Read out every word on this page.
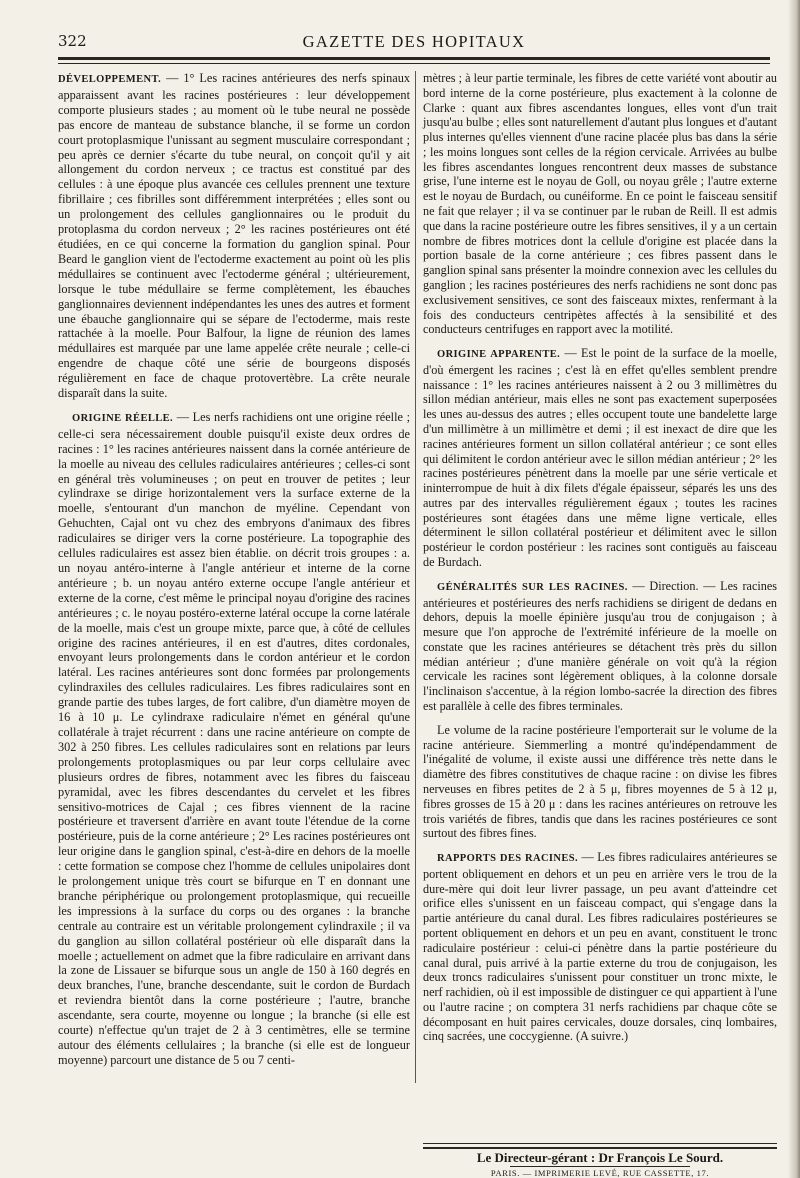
322	GAZETTE DES HOPITAUX

DÉVELOPPEMENT. — 1° Les racines antérieures des nerfs spinaux apparaissent avant les racines postérieures : leur développement comporte plusieurs stades ; au moment où le tube neural ne possède pas encore de manteau de substance blanche, il se forme un cordon court protoplasmique l'unissant au segment musculaire correspondant ; peu après ce dernier s'écarte du tube neural, on conçoit qu'il y ait allongement du cordon nerveux ; ce tractus est constitué par des cellules : à une époque plus avancée ces cellules prennent une texture fibrillaire ; ces fibrilles sont différemment interprétées ; elles sont ou un prolongement des cellules ganglionnaires ou le produit du protoplasma du cordon nerveux ; 2° les racines postérieures ont été étudiées, en ce qui concerne la formation du ganglion spinal. Pour Beard le ganglion vient de l'ectoderme exactement au point où les plis médullaires se continuent avec l'ectoderme général ; ultérieurement, lorsque le tube médullaire se ferme complètement, les ébauches ganglionnaires deviennent indépendantes les unes des autres et forment une ébauche ganglionnaire qui se sépare de l'ectoderme, mais reste rattachée à la moelle. Pour Balfour, la ligne de réunion des lames médullaires est marquée par une lame appelée crête neurale ; celle-ci engendre de chaque côté une série de bourgeons disposés régulièrement en face de chaque protovertèbre. La crête neurale disparaît dans la suite.

ORIGINE RÉELLE. — Les nerfs rachidiens ont une origine réelle ; celle-ci sera nécessairement double puisqu'il existe deux ordres de racines : 1° les racines antérieures naissent dans la cornée antérieure de la moelle au niveau des cellules radiculaires antérieures ; celles-ci sont en général très volumineuses ; on peut en trouver de petites ; leur cylindraxe se dirige horizontalement vers la surface externe de la moelle, s'entourant d'un manchon de myéline. Cependant von Gehuchten, Cajal ont vu chez des embryons d'animaux des fibres radiculaires se diriger vers la corne postérieure. La topographie des cellules radiculaires est assez bien établie. on décrit trois groupes : a. un noyau antéro-interne à l'angle antérieur et interne de la corne antérieure ; b. un noyau antéro externe occupe l'angle antérieur et externe de la corne, c'est même le principal noyau d'origine des racines antérieures ; c. le noyau postéro-externe latéral occupe la corne latérale de la moelle, mais c'est un groupe mixte, parce que, à côté de cellules origine des racines antérieures, il en est d'autres, dites cordonales, envoyant leurs prolongements dans le cordon antérieur et le cordon latéral. Les racines antérieures sont donc formées par prolongements cylindraxiles des cellules radiculaires. Les fibres radiculaires sont en grande partie des tubes larges, de fort calibre, d'un diamètre moyen de 16 à 10 μ. Le cylindraxe radiculaire n'émet en général qu'une collatérale à trajet récurrent : dans une racine antérieure on compte de 302 à 250 fibres. Les cellules radiculaires sont en relations par leurs prolongements protoplasmiques ou par leur corps cellulaire avec plusieurs ordres de fibres, notamment avec les fibres du faisceau pyramidal, avec les fibres descendantes du cervelet et les fibres sensitivo-motrices de Cajal ; ces fibres viennent de la racine postérieure et traversent d'arrière en avant toute l'étendue de la corne postérieure, puis de la corne antérieure ; 2° Les racines postérieures ont leur origine dans le ganglion spinal, c'est-à-dire en dehors de la moelle : cette formation se compose chez l'homme de cellules unipolaires dont le prolongement unique très court se bifurque en T en donnant une branche périphérique ou prolongement protoplasmique, qui recueille les impressions à la surface du corps ou des organes : la branche centrale au contraire est un véritable prolongement cylindraxile ; il va du ganglion au sillon collatéral postérieur où elle disparaît dans la moelle ; actuellement on admet que la fibre radiculaire en arrivant dans la zone de Lissauer se bifurque sous un angle de 150 à 160 degrés en deux branches, l'une, branche descendante, suit le cordon de Burdach et reviendra bientôt dans la corne postérieure ; l'autre, branche ascendante, sera courte, moyenne ou longue ; la branche (si elle est courte) n'effectue qu'un trajet de 2 à 3 centimètres, elle se termine autour des éléments cellulaires ; la branche (si elle est de longueur moyenne) parcourt une distance de 5 ou 7 centi-

mètres ; à leur partie terminale, les fibres de cette variété vont aboutir au bord interne de la corne postérieure, plus exactement à la colonne de Clarke : quant aux fibres ascendantes longues, elles vont d'un trait jusqu'au bulbe ; elles sont naturellement d'autant plus longues et d'autant plus internes qu'elles viennent d'une racine placée plus bas dans la série ; les moins longues sont celles de la région cervicale. Arrivées au bulbe les fibres ascendantes longues rencontrent deux masses de substance grise, l'une interne est le noyau de Goll, ou noyau grêle ; l'autre externe est le noyau de Burdach, ou cunéiforme. En ce point le faisceau sensitif ne fait que relayer ; il va se continuer par le ruban de Reill. Il est admis que dans la racine postérieure outre les fibres sensitives, il y a un certain nombre de fibres motrices dont la cellule d'origine est placée dans la portion basale de la corne antérieure ; ces fibres passent dans le ganglion spinal sans présenter la moindre connexion avec les cellules du ganglion ; les racines postérieures des nerfs rachidiens ne sont donc pas exclusivement sensitives, ce sont des faisceaux mixtes, renfermant à la fois des conducteurs centripètes affectés à la sensibilité et des conducteurs centrifuges en rapport avec la motilité.

ORIGINE APPARENTE. — Est le point de la surface de la moelle, d'où émergent les racines ; c'est là en effet qu'elles semblent prendre naissance : 1° les racines antérieures naissent à 2 ou 3 millimètres du sillon médian antérieur, mais elles ne sont pas exactement superposées les unes au-dessus des autres ; elles occupent toute une bandelette large d'un millimètre à un millimètre et demi ; il est inexact de dire que les racines antérieures forment un sillon collatéral antérieur ; ce sont elles qui délimitent le cordon antérieur avec le sillon médian antérieur ; 2° les racines postérieures pénètrent dans la moelle par une série verticale et ininterrompue de huit à dix filets d'égale épaisseur, séparés les uns des autres par des intervalles régulièrement égaux ; toutes les racines postérieures sont étagées dans une même ligne verticale, elles déterminent le sillon collatéral postérieur et délimitent avec le sillon postérieur le cordon postérieur : les racines sont contiguës au faisceau de Burdach.

GÉNÉRALITÉS SUR LES RACINES. — Direction. — Les racines antérieures et postérieures des nerfs rachidiens se dirigent de dedans en dehors, depuis la moelle épinière jusqu'au trou de conjugaison ; à mesure que l'on approche de l'extrémité inférieure de la moelle on constate que les racines antérieures se détachent très près du sillon médian antérieur ; d'une manière générale on voit qu'à la région cervicale les racines sont légèrement obliques, à la colonne dorsale l'inclinaison s'accentue, à la région lombo-sacrée la direction des fibres est parallèle à celle des fibres terminales.

Le volume de la racine postérieure l'emporterait sur le volume de la racine antérieure. Siemmerling a montré qu'indépendamment de l'inégalité de volume, il existe aussi une différence très nette dans le diamètre des fibres constitutives de chaque racine : on divise les fibres nerveuses en fibres petites de 2 à 5 μ, fibres moyennes de 5 à 12 μ, fibres grosses de 15 à 20 μ : dans les racines antérieures on retrouve les trois variétés de fibres, tandis que dans les racines postérieures ce sont surtout des fibres fines.

RAPPORTS DES RACINES. — Les fibres radiculaires antérieures se portent obliquement en dehors et un peu en arrière vers le trou de la dure-mère qui doit leur livrer passage, un peu avant d'atteindre cet orifice elles s'unissent en un faisceau compact, qui s'engage dans la partie antérieure du canal dural. Les fibres radiculaires postérieures se portent obliquement en dehors et un peu en avant, constituent le tronc radiculaire postérieur : celui-ci pénètre dans la partie postérieure du canal dural, puis arrivé à la partie externe du trou de conjugaison, les deux troncs radiculaires s'unissent pour constituer un tronc mixte, le nerf rachidien, où il est impossible de distinguer ce qui appartient à l'une ou l'autre racine ; on comptera 31 nerfs rachidiens par chaque côte se décomposant en huit paires cervicales, douze dorsales, cinq lombaires, cinq sacrées, une coccygienne. (A suivre.)

Le Directeur-gérant : Dr François Le Sourd.
PARIS. — IMPRIMERIE LEVÉ, RUE CASSETTE, 17.
